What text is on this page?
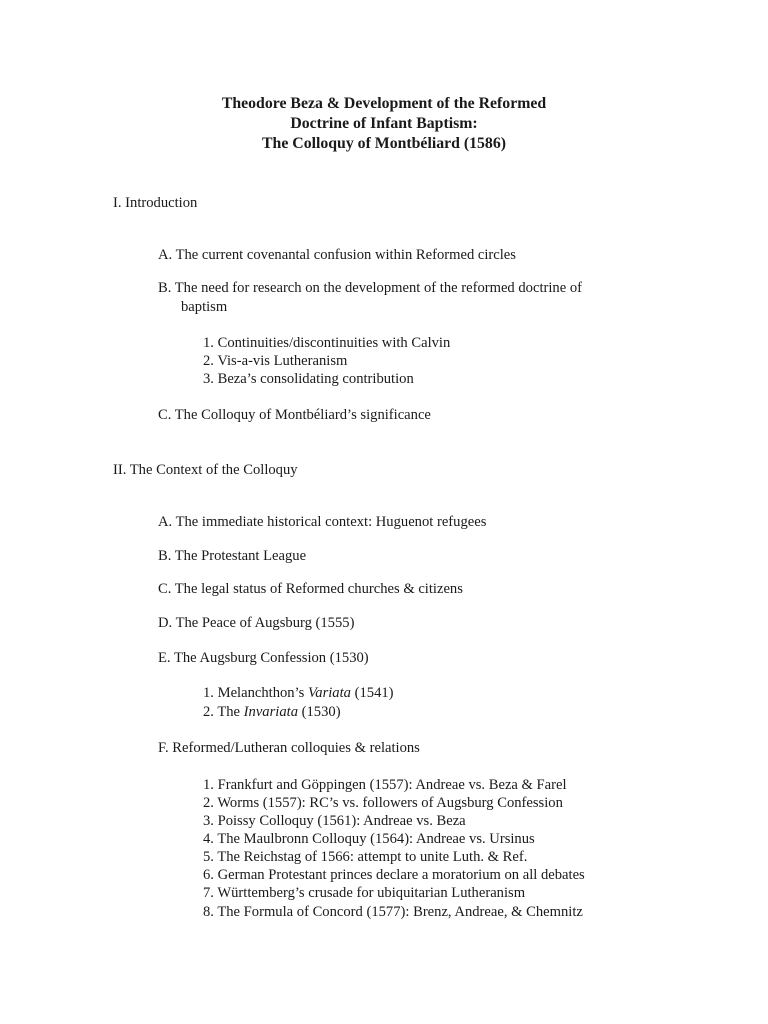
Theodore Beza & Development of the Reformed
Doctrine of Infant Baptism:
The Colloquy of Montbéliard (1586)
I. Introduction
A. The current covenantal confusion within Reformed circles
B. The need for research on the development of the reformed doctrine of
baptism
1. Continuities/discontinuities with Calvin
2. Vis-a-vis Lutheranism
3. Beza’s consolidating contribution
C. The Colloquy of Montbéliard’s significance
II. The Context of the Colloquy
A. The immediate historical context: Huguenot refugees
B. The Protestant League
C. The legal status of Reformed churches & citizens
D. The Peace of Augsburg (1555)
E. The Augsburg Confession (1530)
1. Melanchthon’s Variata (1541)
2. The Invariata (1530)
F. Reformed/Lutheran colloquies & relations
1. Frankfurt and Göppingen (1557): Andreae vs. Beza & Farel
2. Worms (1557): RC’s vs. followers of Augsburg Confession
3. Poissy Colloquy (1561): Andreae vs. Beza
4. The Maulbronn Colloquy (1564): Andreae vs. Ursinus
5. The Reichstag of 1566: attempt to unite Luth. & Ref.
6. German Protestant princes declare a moratorium on all debates
7. Württemberg’s crusade for ubiquitarian Lutheranism
8. The Formula of Concord (1577): Brenz, Andreae, & Chemnitz
